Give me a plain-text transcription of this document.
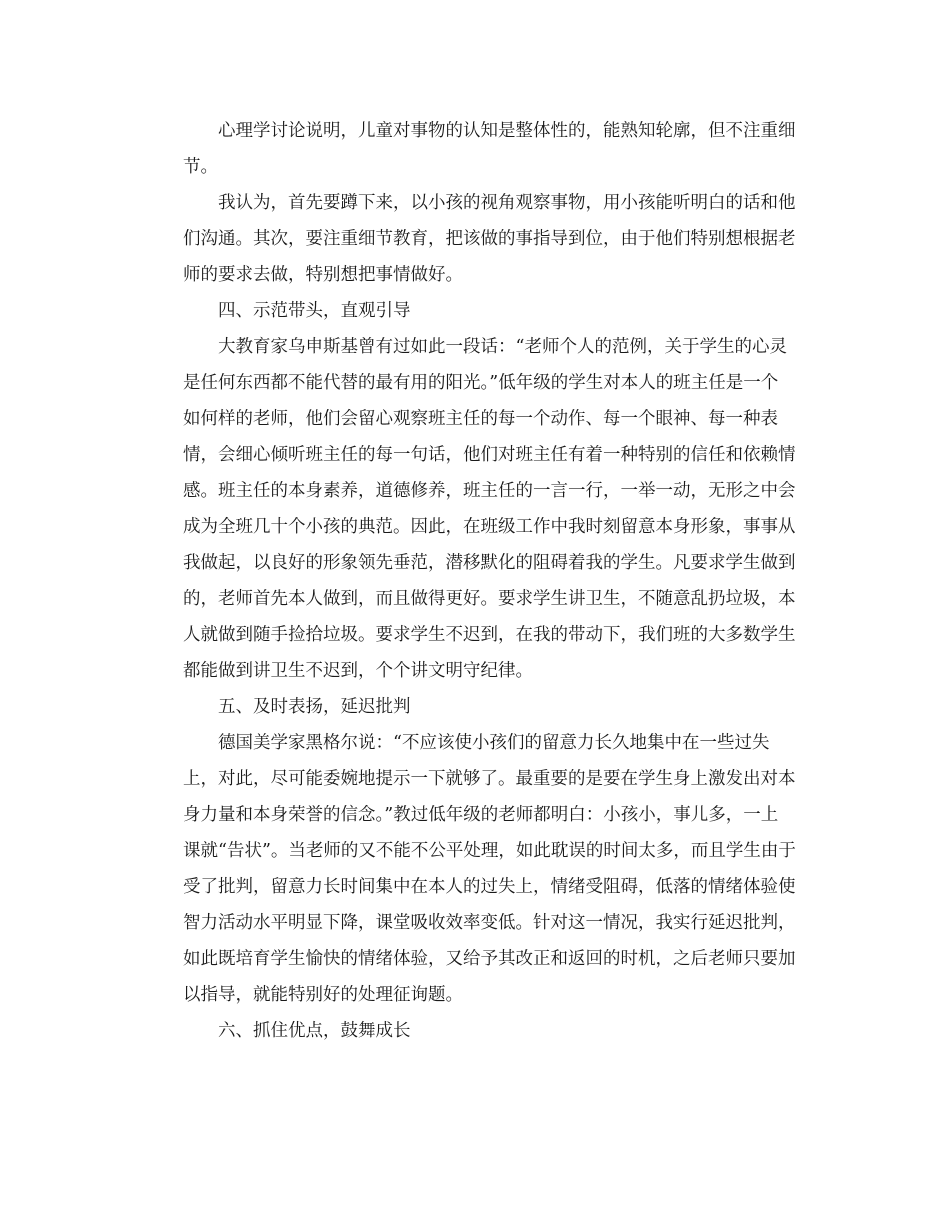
心理学讨论说明，儿童对事物的认知是整体性的，能熟知轮廓，但不注重细
节。
我认为，首先要蹲下来，以小孩的视角观察事物，用小孩能听明白的话和他
们沟通。其次，要注重细节教育，把该做的事指导到位，由于他们特别想根据老
师的要求去做，特别想把事情做好。
四、示范带头，直观引导
大教育家乌申斯基曾有过如此一段话：“老师个人的范例，关于学生的心灵
是任何东西都不能代替的最有用的阳光。”低年级的学生对本人的班主任是一个
如何样的老师，他们会留心观察班主任的每一个动作、每一个眼神、每一种表
情，会细心倾听班主任的每一句话，他们对班主任有着一种特别的信任和依赖情
感。班主任的本身素养，道德修养，班主任的一言一行，一举一动，无形之中会
成为全班几十个小孩的典范。因此，在班级工作中我时刻留意本身形象，事事从
我做起，以良好的形象领先垂范，潜移默化的阻碍着我的学生。凡要求学生做到
的，老师首先本人做到，而且做得更好。要求学生讲卫生，不随意乱扔垃圾，本
人就做到随手捡拾垃圾。要求学生不迟到，在我的带动下，我们班的大多数学生
都能做到讲卫生不迟到，个个讲文明守纪律。
五、及时表扬，延迟批判
德国美学家黑格尔说：“不应该使小孩们的留意力长久地集中在一些过失
上，对此，尽可能委婉地提示一下就够了。最重要的是要在学生身上激发出对本
身力量和本身荣誉的信念。”教过低年级的老师都明白：小孩小，事儿多，一上
课就“告状”。当老师的又不能不公平处理，如此耽误的时间太多，而且学生由于
受了批判，留意力长时间集中在本人的过失上，情绪受阻碍，低落的情绪体验使
智力活动水平明显下降，课堂吸收效率变低。针对这一情况，我实行延迟批判，
如此既培育学生愉快的情绪体验，又给予其改正和返回的时机，之后老师只要加
以指导，就能特别好的处理征询题。
六、抓住优点，鼓舞成长
